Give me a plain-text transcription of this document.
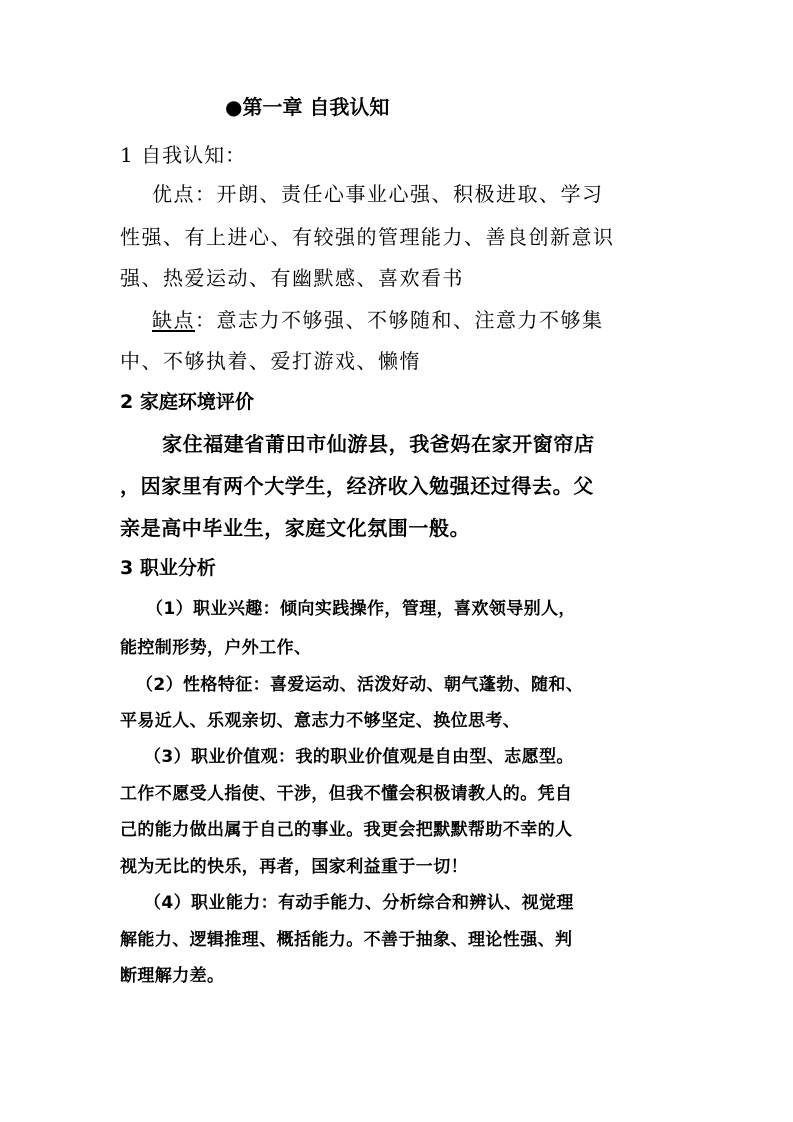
●第一章 自我认知
1 自我认知：
优点：开朗、责任心事业心强、积极进取、学习
性强、有上进心、有较强的管理能力、善良创新意识
强、热爱运动、有幽默感、喜欢看书
缺点：意志力不够强、不够随和、注意力不够集
中、不够执着、爱打游戏、懒惰
2 家庭环境评价
家住福建省莆田市仙游县，我爸妈在家开窗帘店
，因家里有两个大学生，经济收入勉强还过得去。父
亲是高中毕业生，家庭文化氛围一般。
3 职业分析
（1）职业兴趣：倾向实践操作，管理，喜欢领导别人，
能控制形势，户外工作、
（2）性格特征：喜爱运动、活泼好动、朝气蓬勃、随和、
平易近人、乐观亲切、意志力不够坚定、换位思考、
（3）职业价值观：我的职业价值观是自由型、志愿型。
工作不愿受人指使、干涉，但我不懂会积极请教人的。凭自
己的能力做出属于自己的事业。我更会把默默帮助不幸的人
视为无比的快乐，再者，国家利益重于一切！
（4）职业能力：有动手能力、分析综合和辨认、视觉理
解能力、逻辑推理、概括能力。不善于抽象、理论性强、判
断理解力差。
